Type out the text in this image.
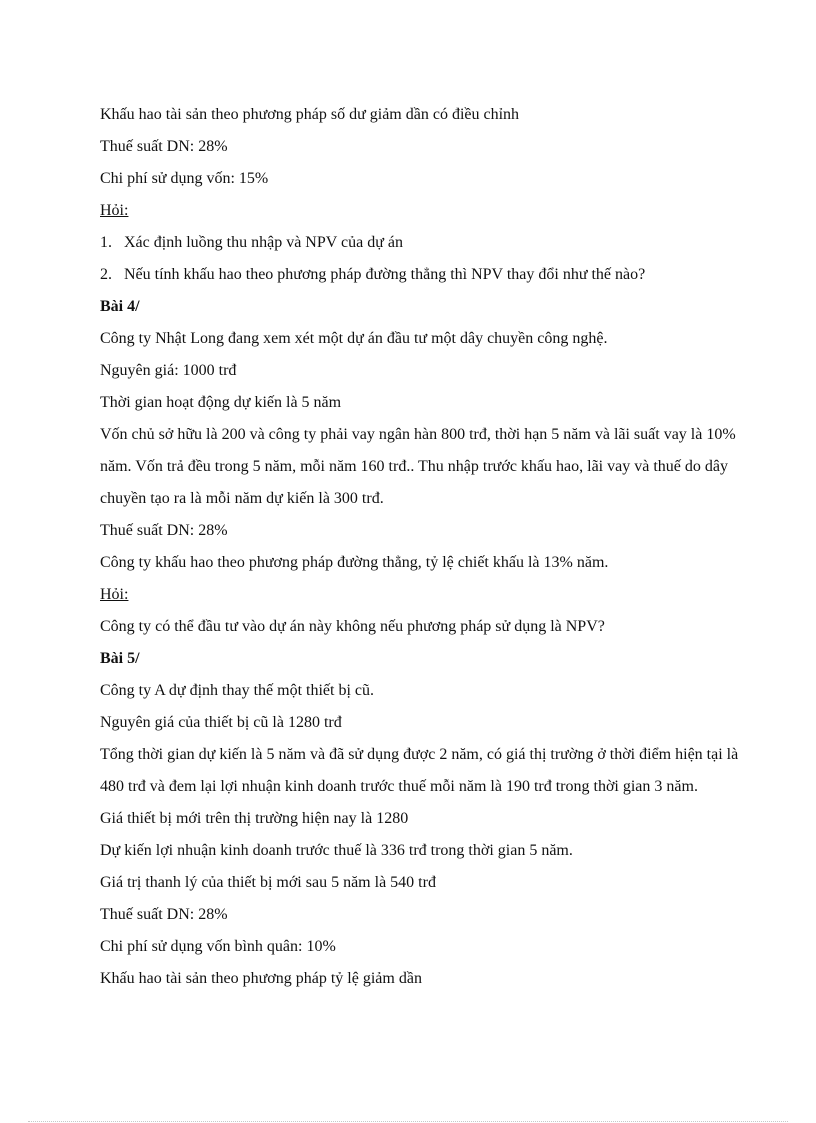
Khấu hao tài sản theo phương pháp số dư giảm dần có điều chỉnh
Thuế suất DN: 28%
Chi phí sử dụng vốn: 15%
Hỏi:
1. Xác định luồng thu nhập và NPV của dự án
2. Nếu tính khấu hao theo phương pháp đường thẳng thì NPV thay đổi như thế nào?
Bài 4/
Công ty Nhật Long đang xem xét một dự án đầu tư một dây chuyền công nghệ.
Nguyên giá: 1000 trđ
Thời gian hoạt động dự kiến là 5 năm
Vốn chủ sở hữu là 200 và công ty phải vay ngân hàn 800 trđ, thời hạn 5 năm và lãi suất vay là 10% năm. Vốn trả đều trong 5 năm, mỗi năm 160 trđ.. Thu nhập trước khấu hao, lãi vay và thuế do dây chuyền tạo ra là mỗi năm dự kiến là 300 trđ.
Thuế suất DN: 28%
Công ty khấu hao theo phương pháp đường thẳng, tỷ lệ chiết khấu là 13% năm.
Hỏi:
Công ty có thể đầu tư vào dự án này không nếu phương pháp sử dụng là NPV?
Bài 5/
Công ty A dự định thay thế một thiết bị cũ.
Nguyên giá của thiết bị cũ là 1280 trđ
Tổng thời gian dự kiến là 5 năm và đã sử dụng được 2 năm, có giá thị trường ở thời điểm hiện tại là 480 trđ và đem lại lợi nhuận kinh doanh trước thuế mỗi năm là 190 trđ trong thời gian 3 năm.
Giá thiết bị mới trên thị trường hiện nay là 1280
Dự kiến lợi nhuận kinh doanh trước thuế là 336 trđ trong thời gian 5 năm.
Giá trị thanh lý của thiết bị mới sau 5 năm là 540 trđ
Thuế suất DN: 28%
Chi phí sử dụng vốn bình quân: 10%
Khấu hao tài sản theo phương pháp tỷ lệ giảm dần
